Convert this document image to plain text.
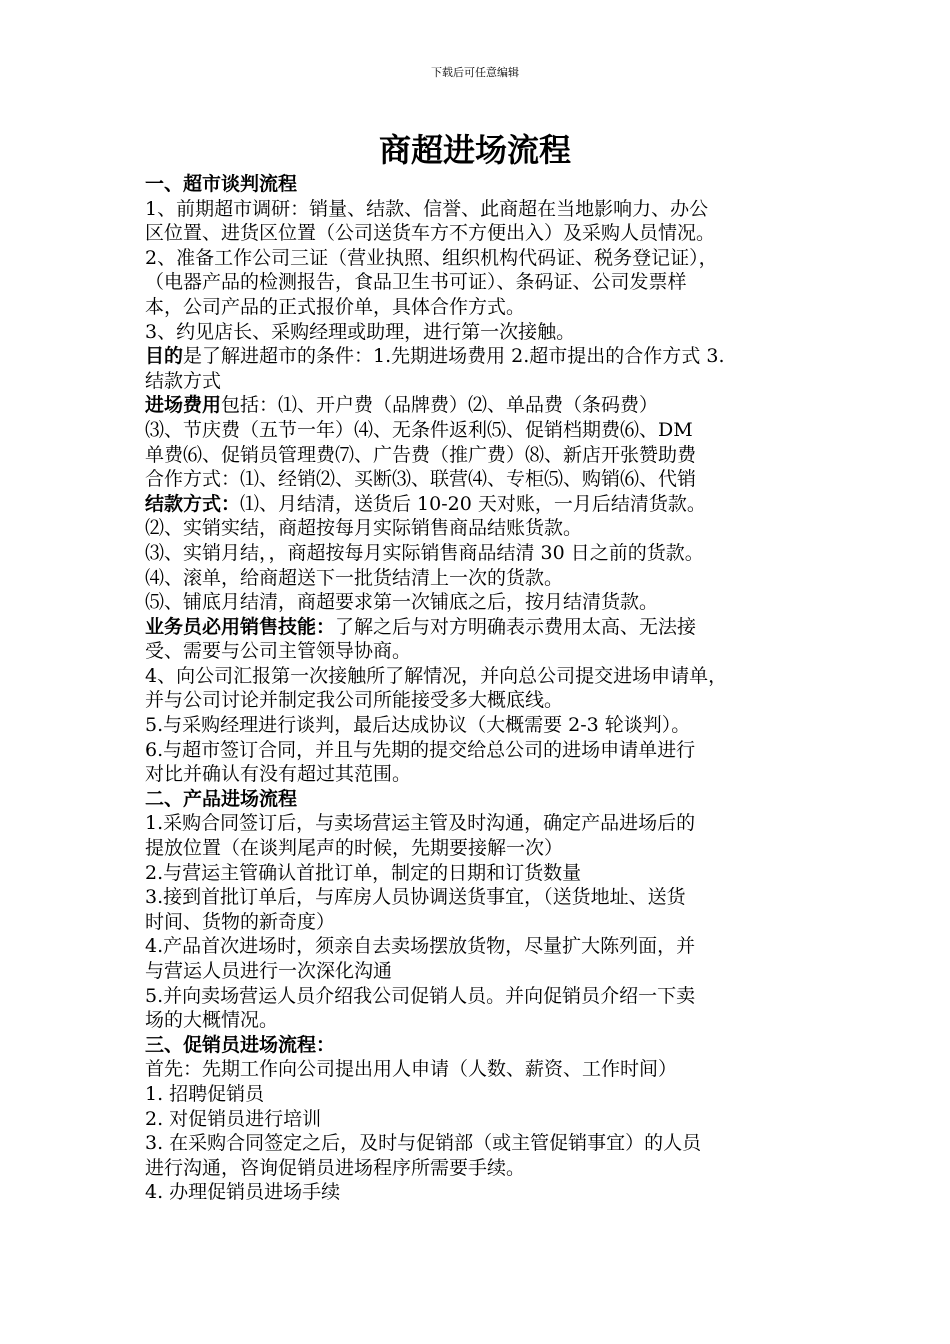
下载后可任意编辑
商超进场流程
一、超市谈判流程
1、前期超市调研：销量、结款、信誉、此商超在当地影响力、办公
区位置、进货区位置（公司送货车方不方便出入）及采购人员情况。
2、准备工作公司三证（营业执照、组织机构代码证、税务登记证），
（电器产品的检测报告，食品卫生书可证）、条码证、公司发票样
本，公司产品的正式报价单，具体合作方式。
3、约见店长、采购经理或助理，进行第一次接触。
目的是了解进超市的条件：1.先期进场费用 2.超市提出的合作方式 3.
结款方式
进场费用包括：⑴、开户费（品牌费）⑵、单品费（条码费）
⑶、节庆费（五节一年）⑷、无条件返利⑸、促销档期费⑹、DM
单费⑹、促销员管理费⑺、广告费（推广费）⑻、新店开张赞助费
合作方式：⑴、经销⑵、买断⑶、联营⑷、专柜⑸、购销⑹、代销
结款方式：⑴、月结清，送货后 10-20 天对账，一月后结清货款。
⑵、实销实结，商超按每月实际销售商品结账货款。
⑶、实销月结，，商超按每月实际销售商品结清 30 日之前的货款。
⑷、滚单，给商超送下一批货结清上一次的货款。
⑸、铺底月结清，商超要求第一次铺底之后，按月结清货款。
业务员必用销售技能：了解之后与对方明确表示费用太高、无法接
受、需要与公司主管领导协商。
4、向公司汇报第一次接触所了解情况，并向总公司提交进场申请单，
并与公司讨论并制定我公司所能接受多大概底线。
5.与采购经理进行谈判，最后达成协议（大概需要 2-3 轮谈判）。
6.与超市签订合同，并且与先期的提交给总公司的进场申请单进行
对比并确认有没有超过其范围。
二、产品进场流程
1.采购合同签订后，与卖场营运主管及时沟通，确定产品进场后的
提放位置（在谈判尾声的时候，先期要接解一次）
2.与营运主管确认首批订单，制定的日期和订货数量
3.接到首批订单后，与库房人员协调送货事宜，（送货地址、送货
时间、货物的新奇度）
4.产品首次进场时，须亲自去卖场摆放货物，尽量扩大陈列面，并
与营运人员进行一次深化沟通
5.并向卖场营运人员介绍我公司促销人员。并向促销员介绍一下卖
场的大概情况。
三、促销员进场流程：
首先：先期工作向公司提出用人申请（人数、薪资、工作时间）
1. 招聘促销员
2. 对促销员进行培训
3. 在采购合同签定之后，及时与促销部（或主管促销事宜）的人员
进行沟通，咨询促销员进场程序所需要手续。
4. 办理促销员进场手续
